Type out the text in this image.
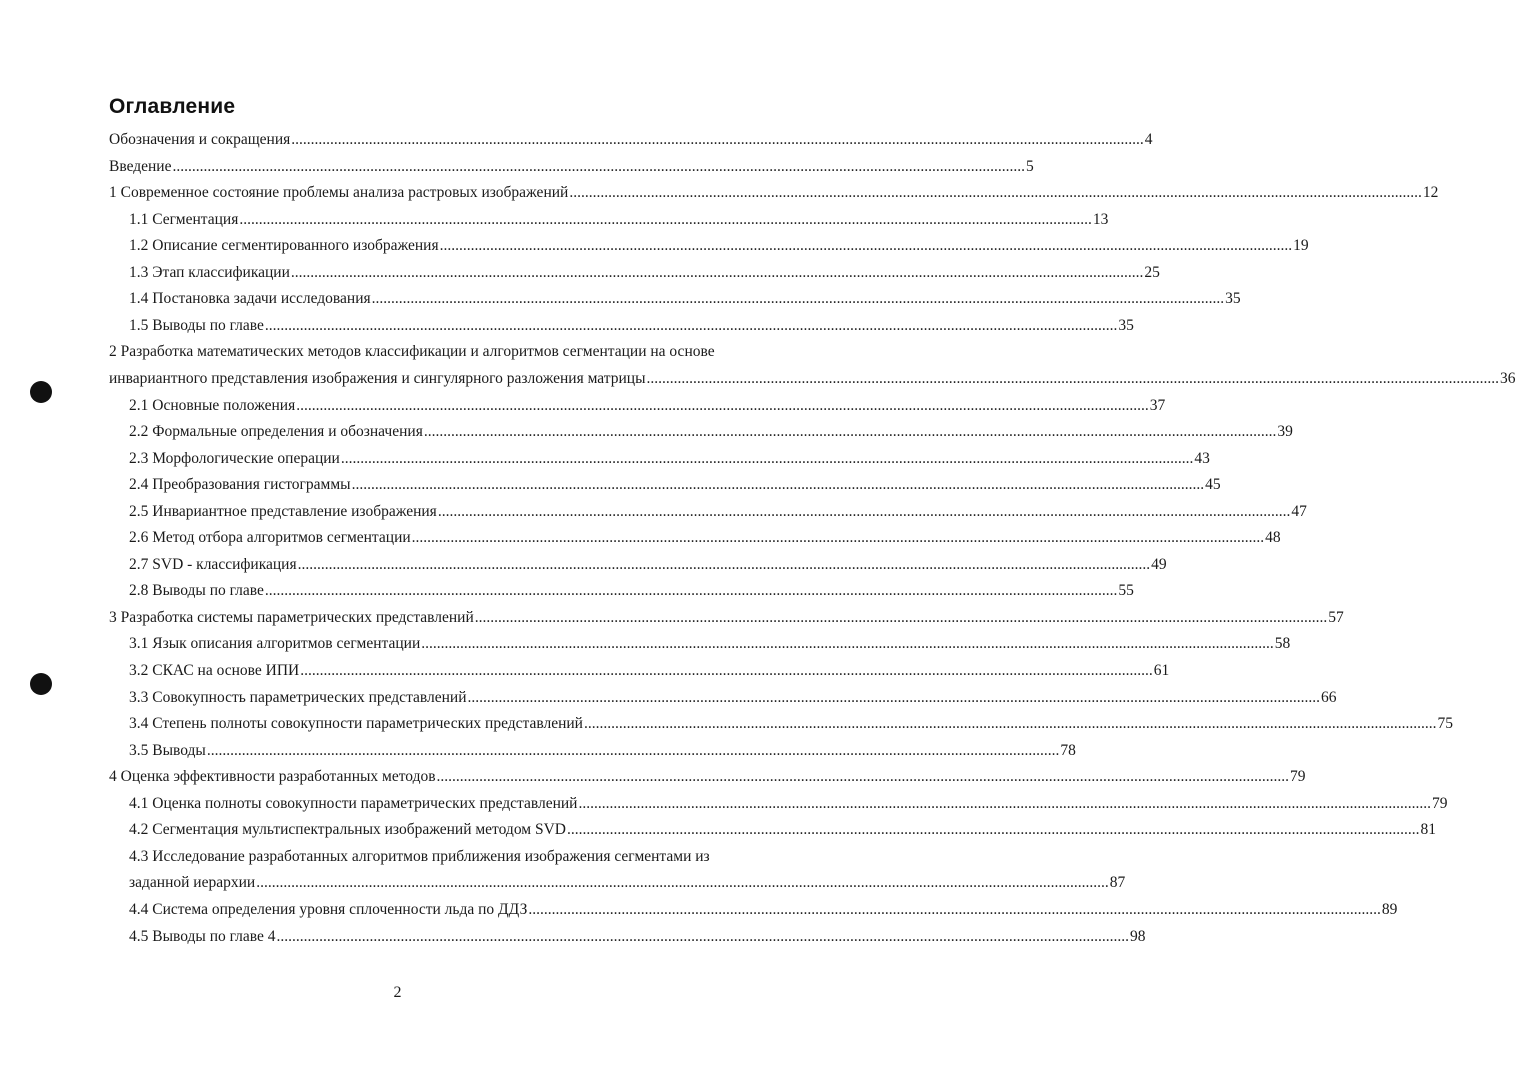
Оглавление
Обозначения и сокращения ............................................................................................................................................................................................................................ 4
Введение ............................................................................................................................................................................................................................ 5
1 Современное состояние проблемы анализа растровых изображений ............................................................................................................................................................................................................................ 12
1.1 Сегментация ............................................................................................................................................................................................................................ 13
1.2 Описание сегментированного изображения ............................................................................................................................................................................................................................ 19
1.3 Этап классификации ............................................................................................................................................................................................................................ 25
1.4 Постановка задачи исследования ............................................................................................................................................................................................................................ 35
1.5 Выводы по главе ............................................................................................................................................................................................................................ 35
2 Разработка математических методов классификации и алгоритмов сегментации на основе
инвариантного представления изображения и сингулярного разложения матрицы ............................................................................................................................................................................................................................ 36
2.1 Основные положения ............................................................................................................................................................................................................................ 37
2.2 Формальные определения и обозначения ............................................................................................................................................................................................................................ 39
2.3 Морфологические операции ............................................................................................................................................................................................................................ 43
2.4 Преобразования гистограммы ............................................................................................................................................................................................................................ 45
2.5 Инвариантное представление изображения ............................................................................................................................................................................................................................ 47
2.6 Метод отбора алгоритмов сегментации ............................................................................................................................................................................................................................ 48
2.7 SVD - классификация ............................................................................................................................................................................................................................ 49
2.8 Выводы по главе ............................................................................................................................................................................................................................ 55
3 Разработка системы параметрических представлений ............................................................................................................................................................................................................................ 57
3.1 Язык описания алгоритмов сегментации ............................................................................................................................................................................................................................ 58
3.2 СКАС на основе ИПИ ............................................................................................................................................................................................................................ 61
3.3 Совокупность параметрических представлений ............................................................................................................................................................................................................................ 66
3.4 Степень полноты совокупности параметрических представлений ............................................................................................................................................................................................................................ 75
3.5 Выводы ............................................................................................................................................................................................................................ 78
4 Оценка эффективности разработанных методов ............................................................................................................................................................................................................................ 79
4.1 Оценка полноты совокупности параметрических представлений ............................................................................................................................................................................................................................ 79
4.2 Сегментация мультиспектральных изображений методом SVD ............................................................................................................................................................................................................................ 81
4.3 Исследование разработанных алгоритмов приближения изображения сегментами из
заданной иерархии ............................................................................................................................................................................................................................ 87
4.4 Система определения уровня сплоченности льда по ДДЗ ............................................................................................................................................................................................................................ 89
4.5 Выводы по главе 4 ............................................................................................................................................................................................................................ 98
2
